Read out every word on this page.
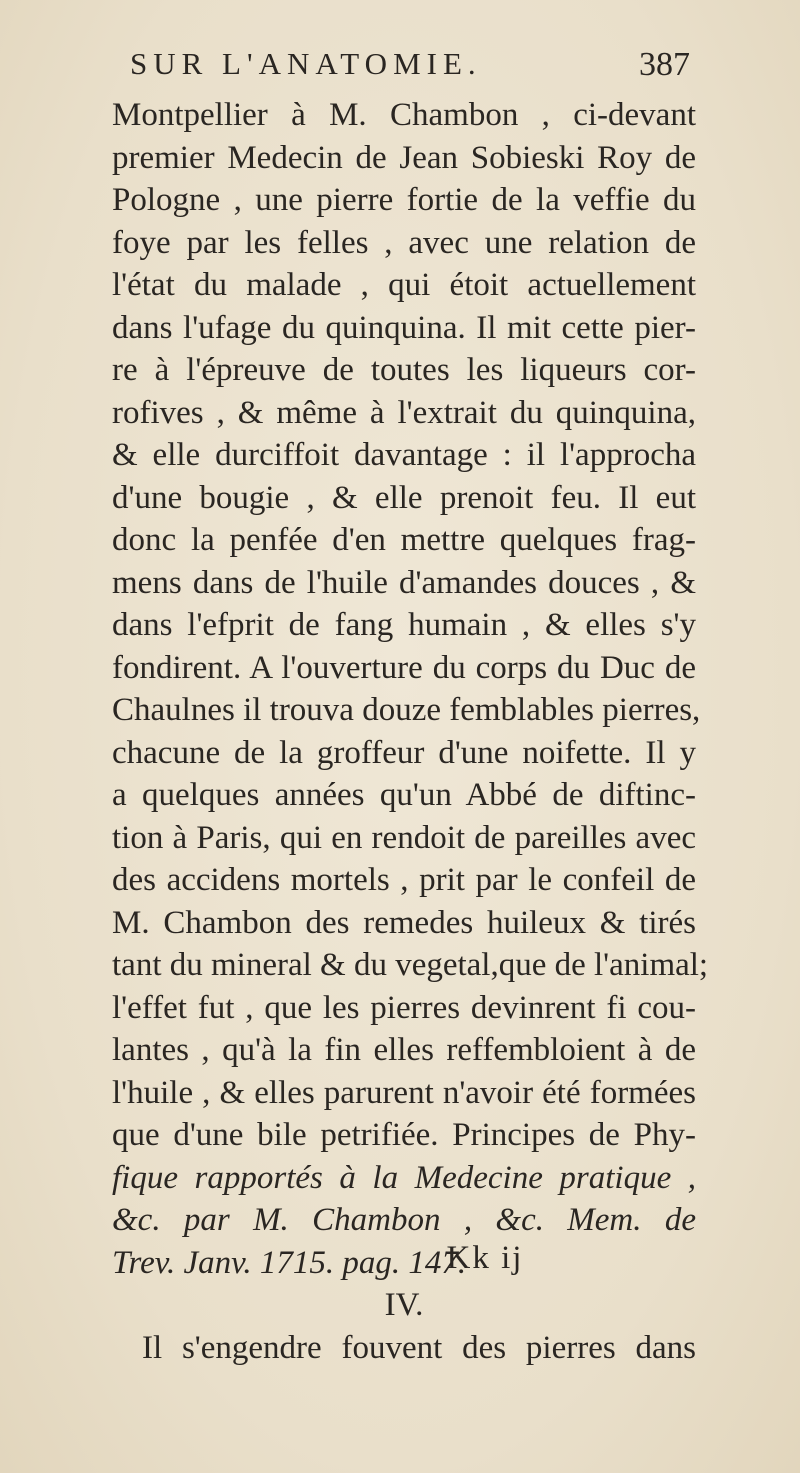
SUR L'ANATOMIE.	387
Montpellier à M. Chambon , ci-devant
premier Medecin de Jean Sobieski Roy de
Pologne , une pierre fortie de la veffie du
foye par les felles , avec une relation de
l'état du malade , qui étoit actuellement
dans l'ufage du quinquina. Il mit cette pier-
re à l'épreuve de toutes les liqueurs cor-
rofives , & même à l'extrait du quinquina,
& elle durciffoit davantage : il l'approcha
d'une bougie , & elle prenoit feu. Il eut
donc la penfée d'en mettre quelques frag-
mens dans de l'huile d'amandes douces , &
dans l'efprit de fang humain , & elles s'y
fondirent. A l'ouverture du corps du Duc de
Chaulnes il trouva douze femblables pierres,
chacune de la groffeur d'une noifette. Il y
a quelques années qu'un Abbé de diftinc-
tion à Paris, qui en rendoit de pareilles avec
des accidens mortels , prit par le confeil de
M. Chambon des remedes huileux & tirés
tant du mineral & du vegetal,que de l'animal;
l'effet fut , que les pierres devinrent fi cou-
lantes , qu'à la fin elles reffembloient à de
l'huile , & elles parurent n'avoir été formées
que d'une bile petrifiée. Principes de Phy-
fique rapportés à la Medecine pratique ,
&c. par M. Chambon , &c. Mem. de
Trev. Janv. 1715. pag. 147.
IV.
Il s'engendre fouvent des pierres dans
Kk ij
